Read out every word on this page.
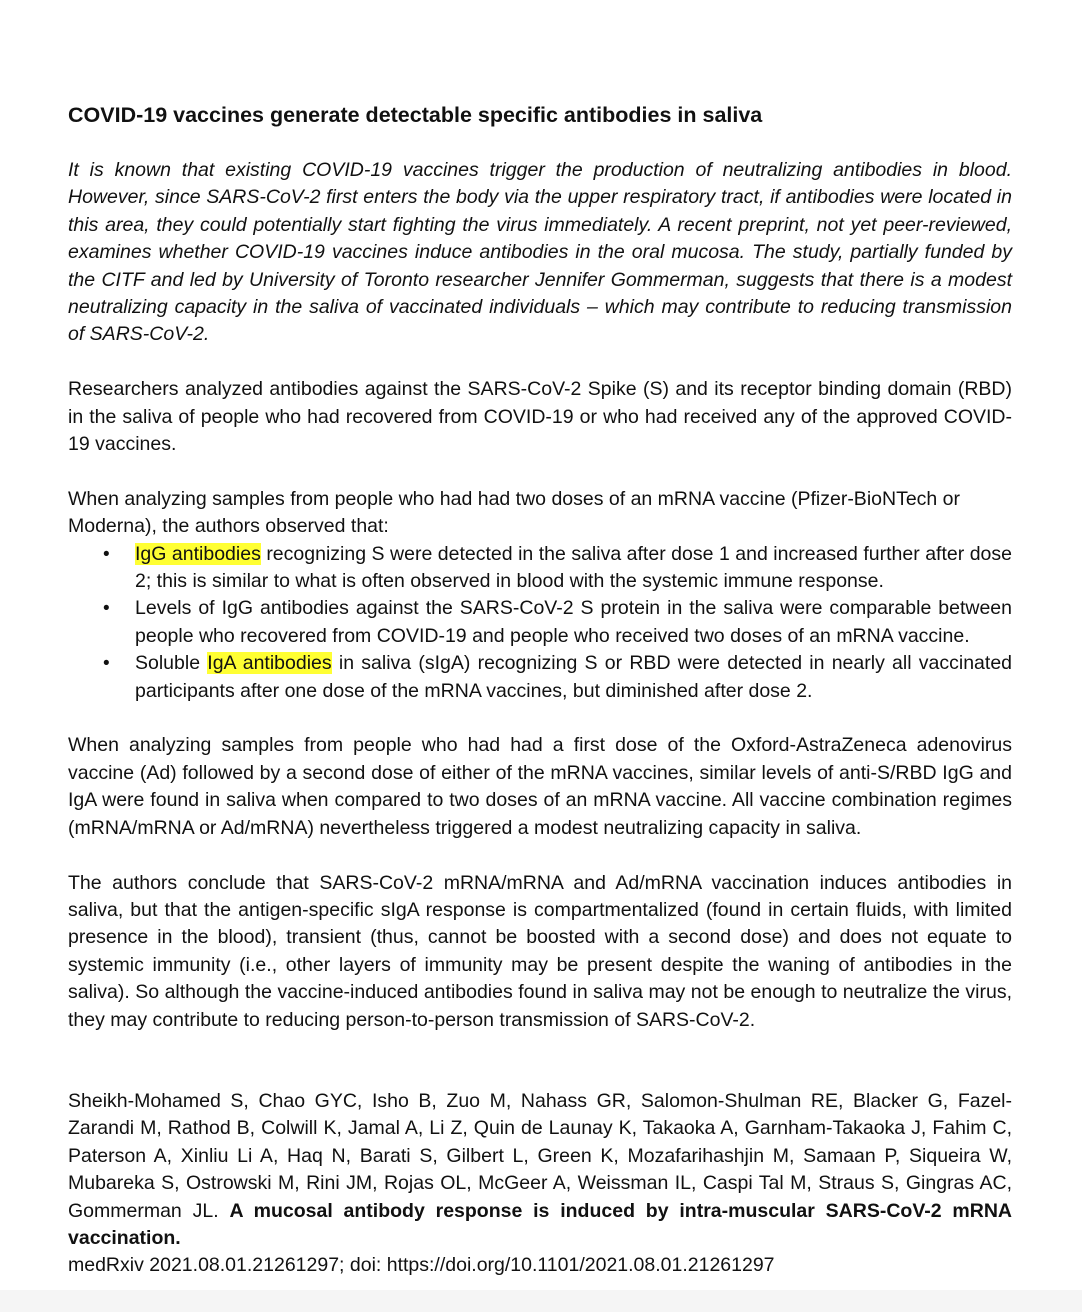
COVID-19 vaccines generate detectable specific antibodies in saliva

It is known that existing COVID-19 vaccines trigger the production of neutralizing antibodies in blood. However, since SARS-CoV-2 first enters the body via the upper respiratory tract, if antibodies were located in this area, they could potentially start fighting the virus immediately. A recent preprint, not yet peer-reviewed, examines whether COVID-19 vaccines induce antibodies in the oral mucosa. The study, partially funded by the CITF and led by University of Toronto researcher Jennifer Gommerman, suggests that there is a modest neutralizing capacity in the saliva of vaccinated individuals – which may contribute to reducing transmission of SARS-CoV-2.

Researchers analyzed antibodies against the SARS-CoV-2 Spike (S) and its receptor binding domain (RBD) in the saliva of people who had recovered from COVID-19 or who had received any of the approved COVID-19 vaccines.

When analyzing samples from people who had had two doses of an mRNA vaccine (Pfizer-BioNTech or Moderna), the authors observed that:

• IgG antibodies recognizing S were detected in the saliva after dose 1 and increased further after dose 2; this is similar to what is often observed in blood with the systemic immune response.
• Levels of IgG antibodies against the SARS-CoV-2 S protein in the saliva were comparable between people who recovered from COVID-19 and people who received two doses of an mRNA vaccine.
• Soluble IgA antibodies in saliva (sIgA) recognizing S or RBD were detected in nearly all vaccinated participants after one dose of the mRNA vaccines, but diminished after dose 2.

When analyzing samples from people who had had a first dose of the Oxford-AstraZeneca adenovirus vaccine (Ad) followed by a second dose of either of the mRNA vaccines, similar levels of anti-S/RBD IgG and IgA were found in saliva when compared to two doses of an mRNA vaccine. All vaccine combination regimes (mRNA/mRNA or Ad/mRNA) nevertheless triggered a modest neutralizing capacity in saliva.

The authors conclude that SARS-CoV-2 mRNA/mRNA and Ad/mRNA vaccination induces antibodies in saliva, but that the antigen-specific sIgA response is compartmentalized (found in certain fluids, with limited presence in the blood), transient (thus, cannot be boosted with a second dose) and does not equate to systemic immunity (i.e., other layers of immunity may be present despite the waning of antibodies in the saliva). So although the vaccine-induced antibodies found in saliva may not be enough to neutralize the virus, they may contribute to reducing person-to-person transmission of SARS-CoV-2.

Sheikh-Mohamed S, Chao GYC, Isho B, Zuo M, Nahass GR, Salomon-Shulman RE, Blacker G, Fazel-Zarandi M, Rathod B, Colwill K, Jamal A, Li Z, Quin de Launay K, Takaoka A, Garnham-Takaoka J, Fahim C, Paterson A, Xinliu Li A, Haq N, Barati S, Gilbert L, Green K, Mozafarihashjin M, Samaan P, Siqueira W, Mubareka S, Ostrowski M, Rini JM, Rojas OL, McGeer A, Weissman IL, Caspi Tal M, Straus S, Gingras AC, Gommerman JL. A mucosal antibody response is induced by intra-muscular SARS-CoV-2 mRNA vaccination.
medRxiv 2021.08.01.21261297; doi: https://doi.org/10.1101/2021.08.01.21261297
